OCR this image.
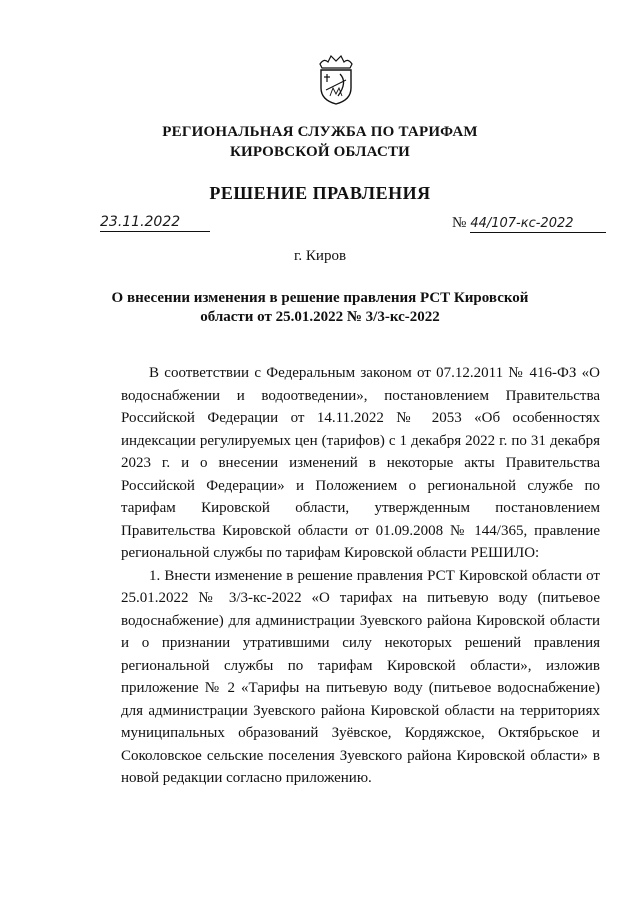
РЕГИОНАЛЬНАЯ СЛУЖБА ПО ТАРИФАМ
КИРОВСКОЙ ОБЛАСТИ
РЕШЕНИЕ ПРАВЛЕНИЯ
23.11.2022	№ 44/107-кс-2022
г. Киров
О внесении изменения в решение правления РСТ Кировской
области от 25.01.2022 № 3/3-кс-2022

В соответствии с Федеральным законом от 07.12.2011 № 416-ФЗ «О водоснабжении и водоотведении», постановлением Правительства Российской Федерации от 14.11.2022 № 2053 «Об особенностях индексации регулируемых цен (тарифов) с 1 декабря 2022 г. по 31 декабря 2023 г. и о внесении изменений в некоторые акты Правительства Российской Федерации» и Положением о региональной службе по тарифам Кировской области, утвержденным постановлением Правительства Кировской области от 01.09.2008 № 144/365, правление региональной службы по тарифам Кировской области РЕШИЛО:

1. Внести изменение в решение правления РСТ Кировской области от 25.01.2022 № 3/3-кс-2022 «О тарифах на питьевую воду (питьевое водоснабжение) для администрации Зуевского района Кировской области и о признании утратившими силу некоторых решений правления региональной службы по тарифам Кировской области», изложив приложение № 2 «Тарифы на питьевую воду (питьевое водоснабжение) для администрации Зуевского района Кировской области на территориях муниципальных образований Зуёвское, Кордяжское, Октябрьское и Соколовское сельские поселения Зуевского района Кировской области» в новой редакции согласно приложению.
